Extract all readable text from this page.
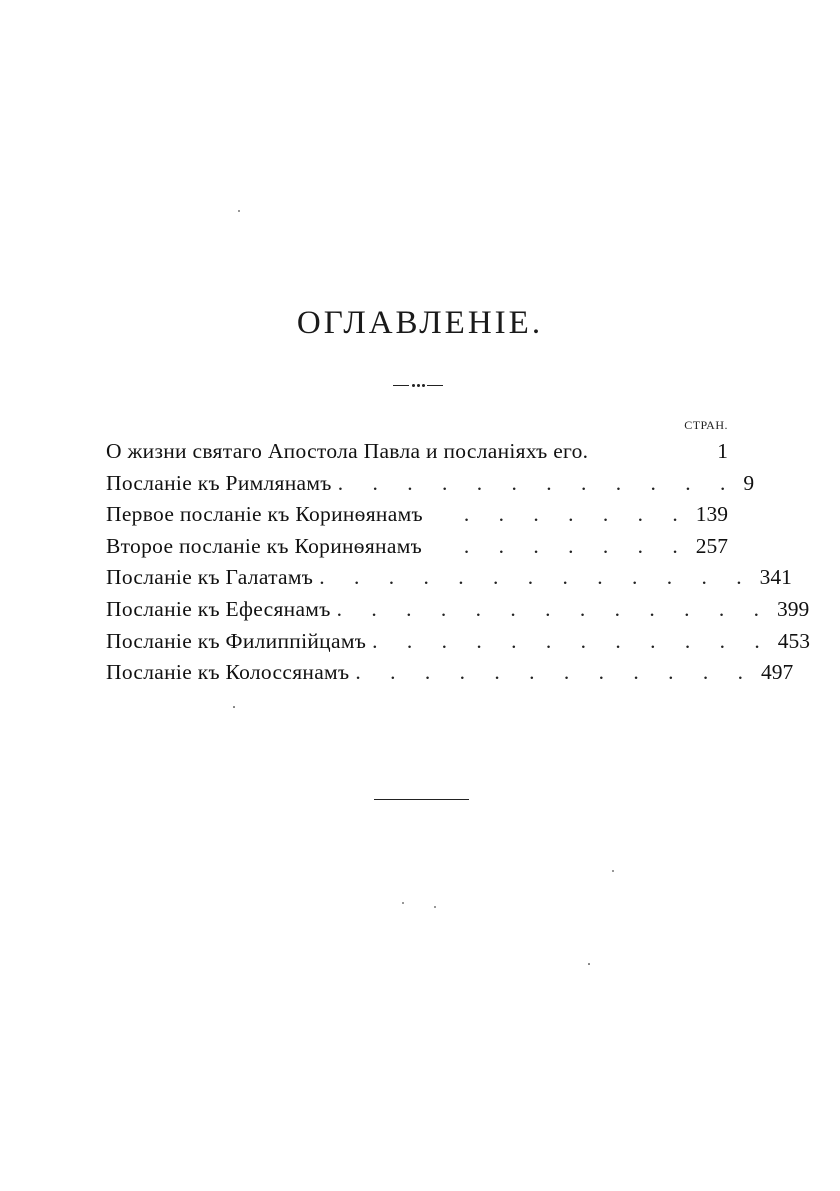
ОГЛАВЛЕНІЕ.
СТРАН.
О жизни святаго Апостола Павла и посланіяхъ его.	1
Посланіе къ Римлянамъ . . . . . . . . . . . . 9
Первое посланіе къ Коринѳянамъ	. . . . . . . 139
Второе посланіе къ Коринѳянамъ	. . . . . . . 257
Посланіе къ Галатамъ . . . . . . . . . . . . . 341
Посланіе къ Ефесянамъ . . . . . . . . . . . . . 399
Посланіе къ Филиппійцамъ . . . . . . . . . . . . 453
Посланіе къ Колоссянамъ . . . . . . . . . . . . 497
